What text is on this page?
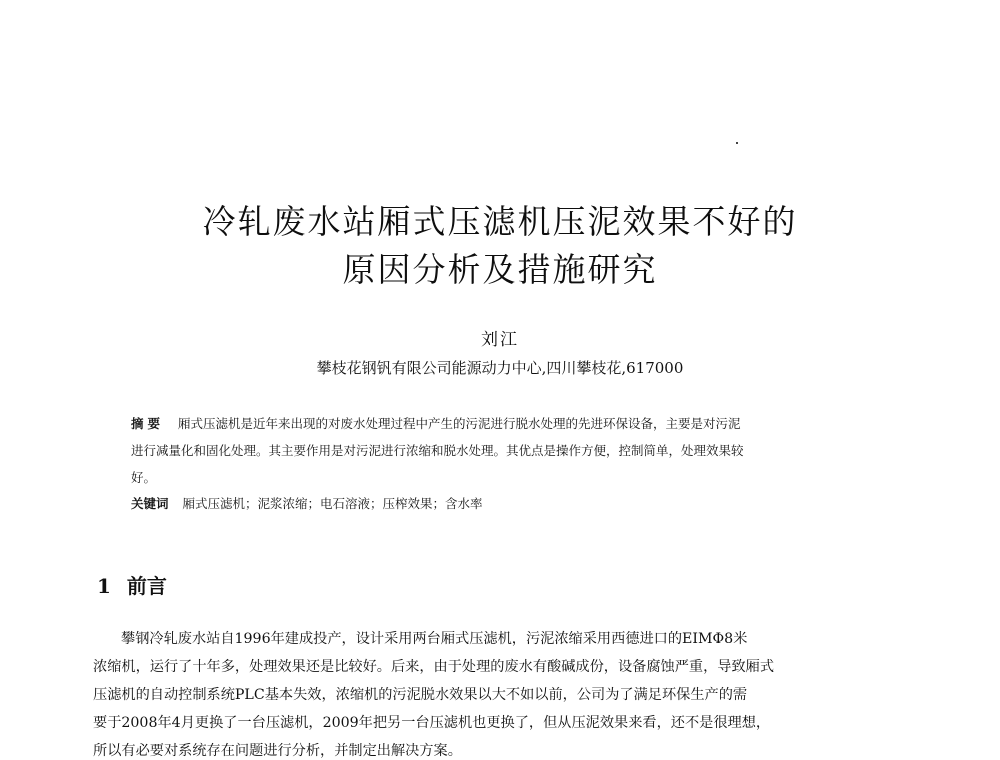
冷轧废水站厢式压滤机压泥效果不好的
原因分析及措施研究
刘江
攀枝花钢钒有限公司能源动力中心,四川攀枝花,617000
摘要 厢式压滤机是近年来出现的对废水处理过程中产生的污泥进行脱水处理的先进环保设备，主要是对污泥
进行减量化和固化处理。其主要作用是对污泥进行浓缩和脱水处理。其优点是操作方便，控制简单，处理效果较
好。
关键词 厢式压滤机；泥浆浓缩；电石溶液；压榨效果；含水率
1 前言
攀钢冷轧废水站自1996年建成投产，设计采用两台厢式压滤机，污泥浓缩采用西德进口的EIMΦ8米
浓缩机，运行了十年多，处理效果还是比较好。后来，由于处理的废水有酸碱成份，设备腐蚀严重，导致厢式
压滤机的自动控制系统PLC基本失效，浓缩机的污泥脱水效果以大不如以前，公司为了满足环保生产的需
要于2008年4月更换了一台压滤机，2009年把另一台压滤机也更换了，但从压泥效果来看，还不是很理想，
所以有必要对系统存在问题进行分析，并制定出解决方案。
